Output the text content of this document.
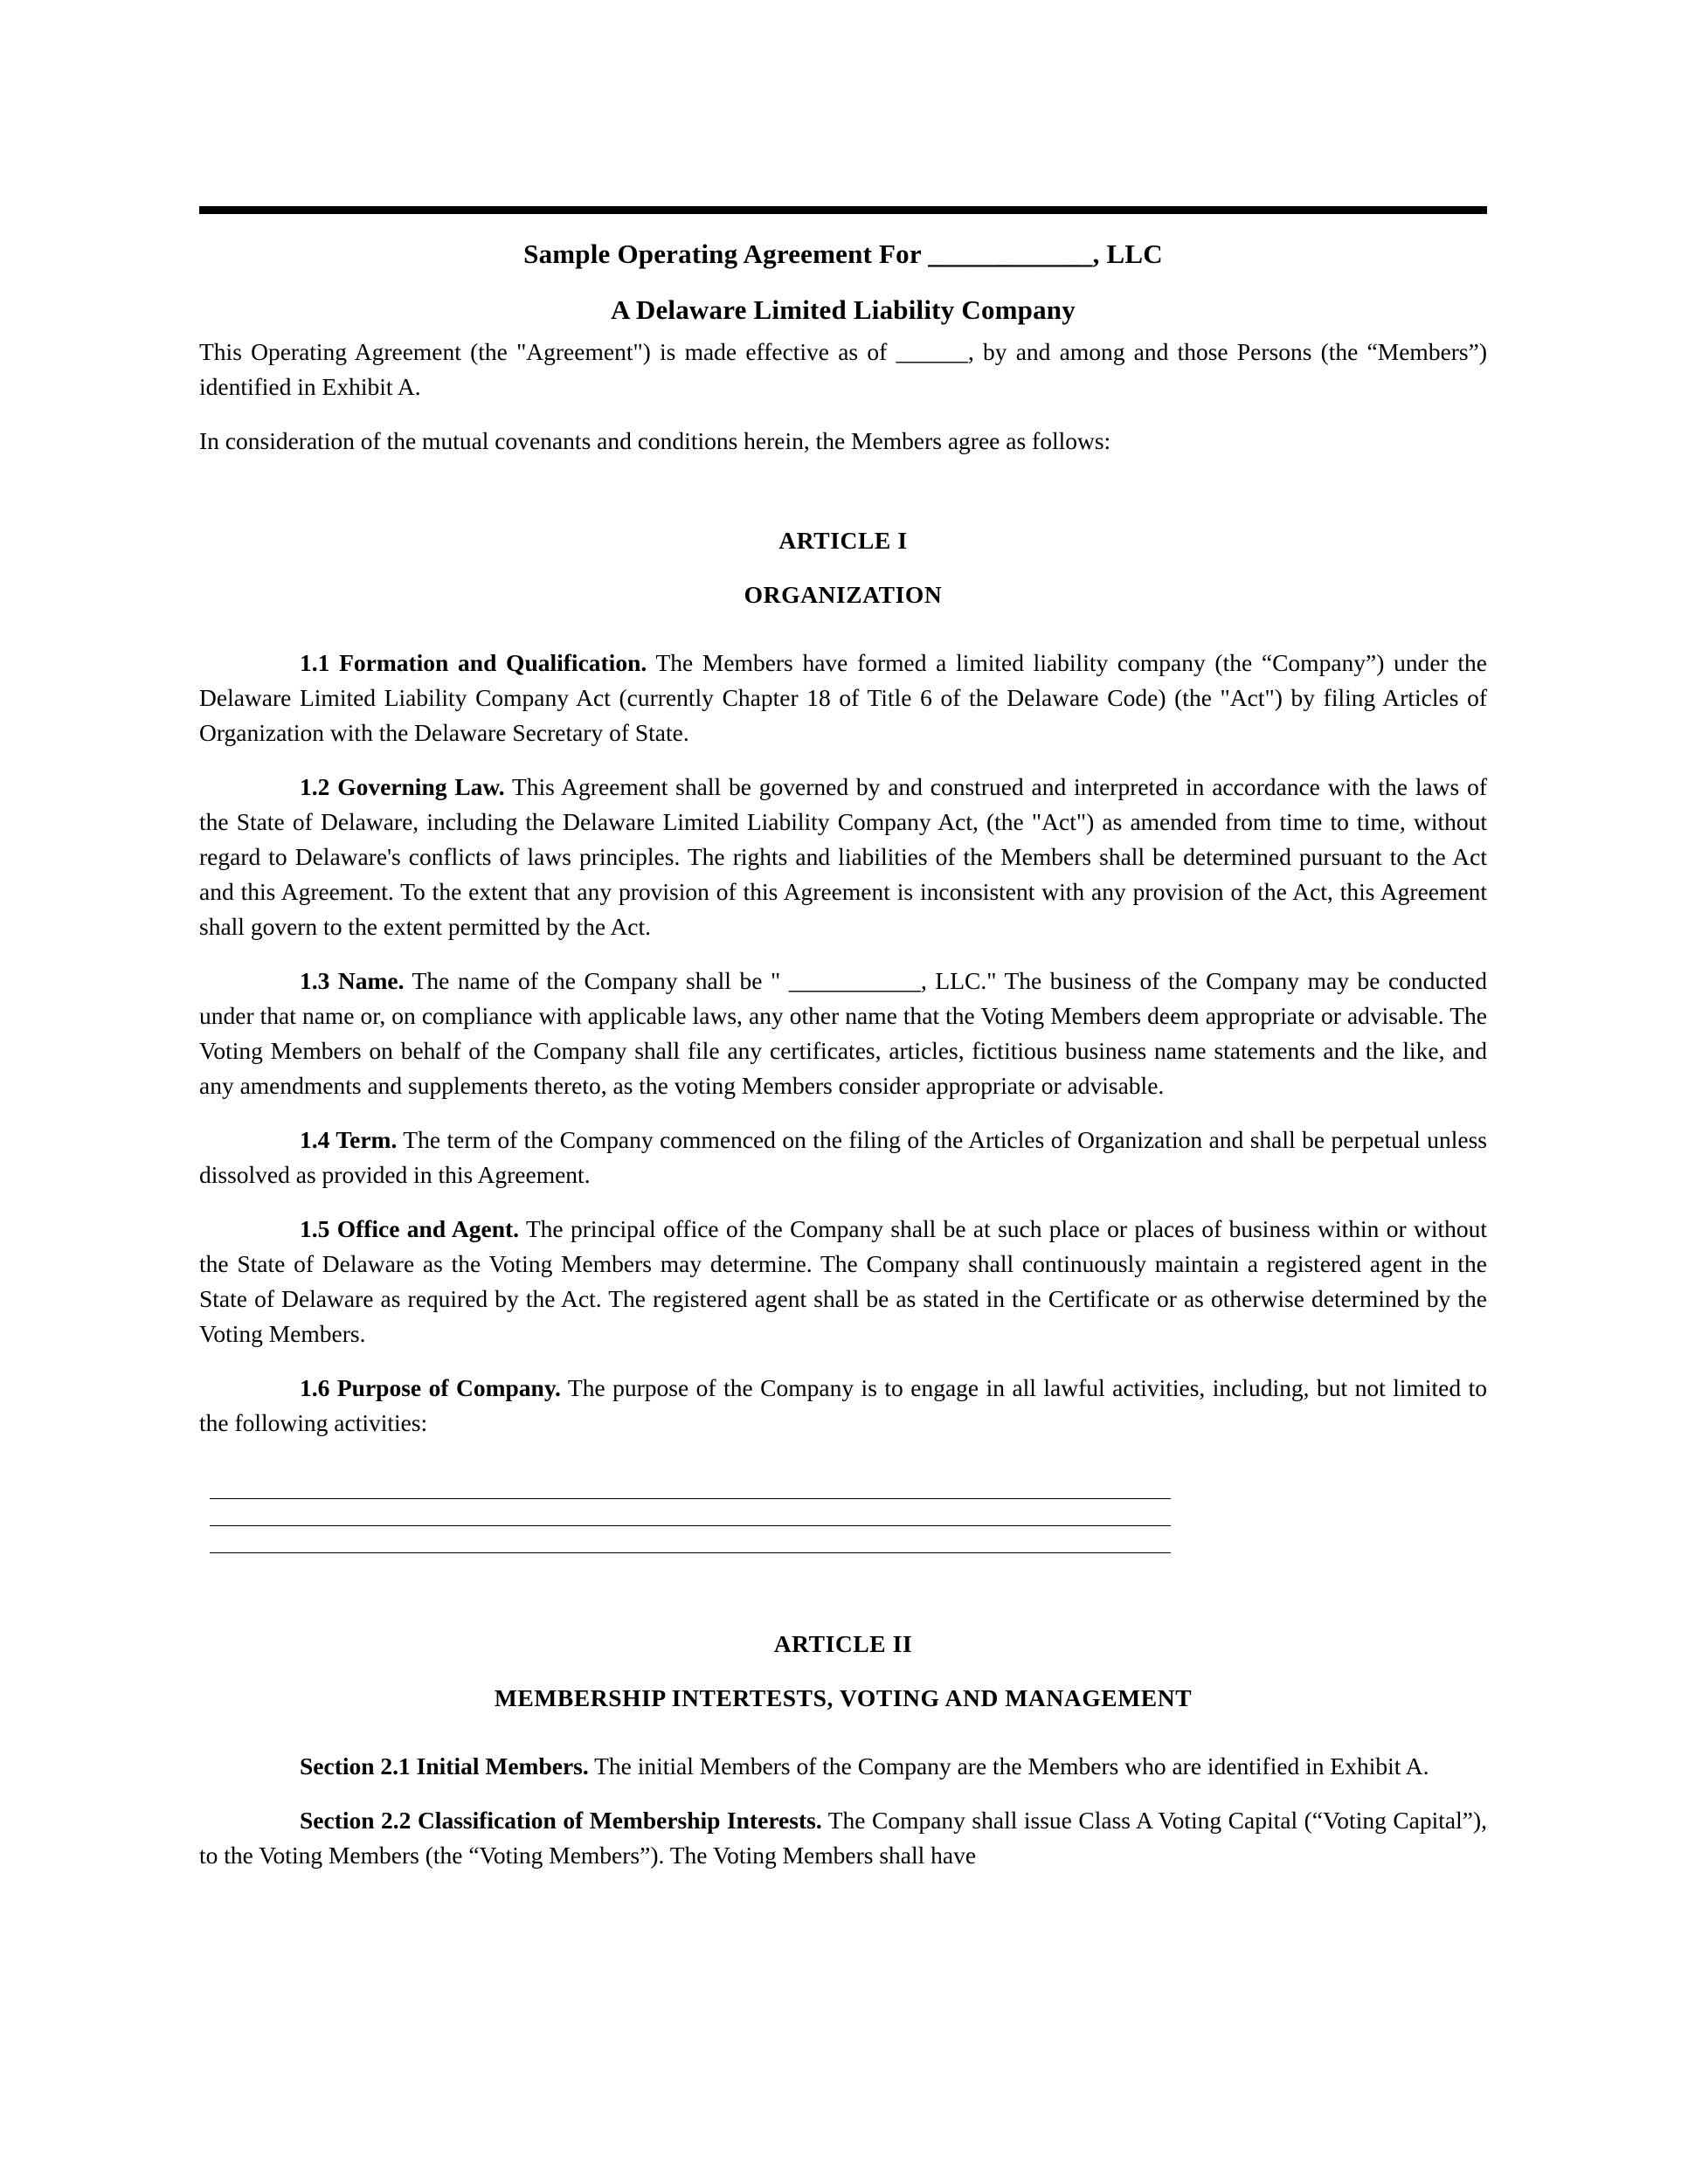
Sample Operating Agreement For ____________, LLC
A Delaware Limited Liability Company

This Operating Agreement (the "Agreement") is made effective as of ______, by and among and those Persons (the “Members”) identified in Exhibit A.

In consideration of the mutual covenants and conditions herein, the Members agree as follows:

ARTICLE I
ORGANIZATION

1.1 Formation and Qualification. The Members have formed a limited liability company (the “Company”) under the Delaware Limited Liability Company Act (currently Chapter 18 of Title 6 of the Delaware Code) (the "Act") by filing Articles of Organization with the Delaware Secretary of State.

1.2 Governing Law. This Agreement shall be governed by and construed and interpreted in accordance with the laws of the State of Delaware, including the Delaware Limited Liability Company Act, (the "Act") as amended from time to time, without regard to Delaware's conflicts of laws principles. The rights and liabilities of the Members shall be determined pursuant to the Act and this Agreement. To the extent that any provision of this Agreement is inconsistent with any provision of the Act, this Agreement shall govern to the extent permitted by the Act.

1.3 Name. The name of the Company shall be " ___________, LLC." The business of the Company may be conducted under that name or, on compliance with applicable laws, any other name that the Voting Members deem appropriate or advisable. The Voting Members on behalf of the Company shall file any certificates, articles, fictitious business name statements and the like, and any amendments and supplements thereto, as the voting Members consider appropriate or advisable.

1.4 Term. The term of the Company commenced on the filing of the Articles of Organization and shall be perpetual unless dissolved as provided in this Agreement.

1.5 Office and Agent. The principal office of the Company shall be at such place or places of business within or without the State of Delaware as the Voting Members may determine. The Company shall continuously maintain a registered agent in the State of Delaware as required by the Act. The registered agent shall be as stated in the Certificate or as otherwise determined by the Voting Members.

1.6 Purpose of Company. The purpose of the Company is to engage in all lawful activities, including, but not limited to the following activities:

ARTICLE II
MEMBERSHIP INTERTESTS, VOTING AND MANAGEMENT

Section 2.1 Initial Members. The initial Members of the Company are the Members who are identified in Exhibit A.

Section 2.2 Classification of Membership Interests. The Company shall issue Class A Voting Capital (“Voting Capital”), to the Voting Members (the “Voting Members”). The Voting Members shall have
